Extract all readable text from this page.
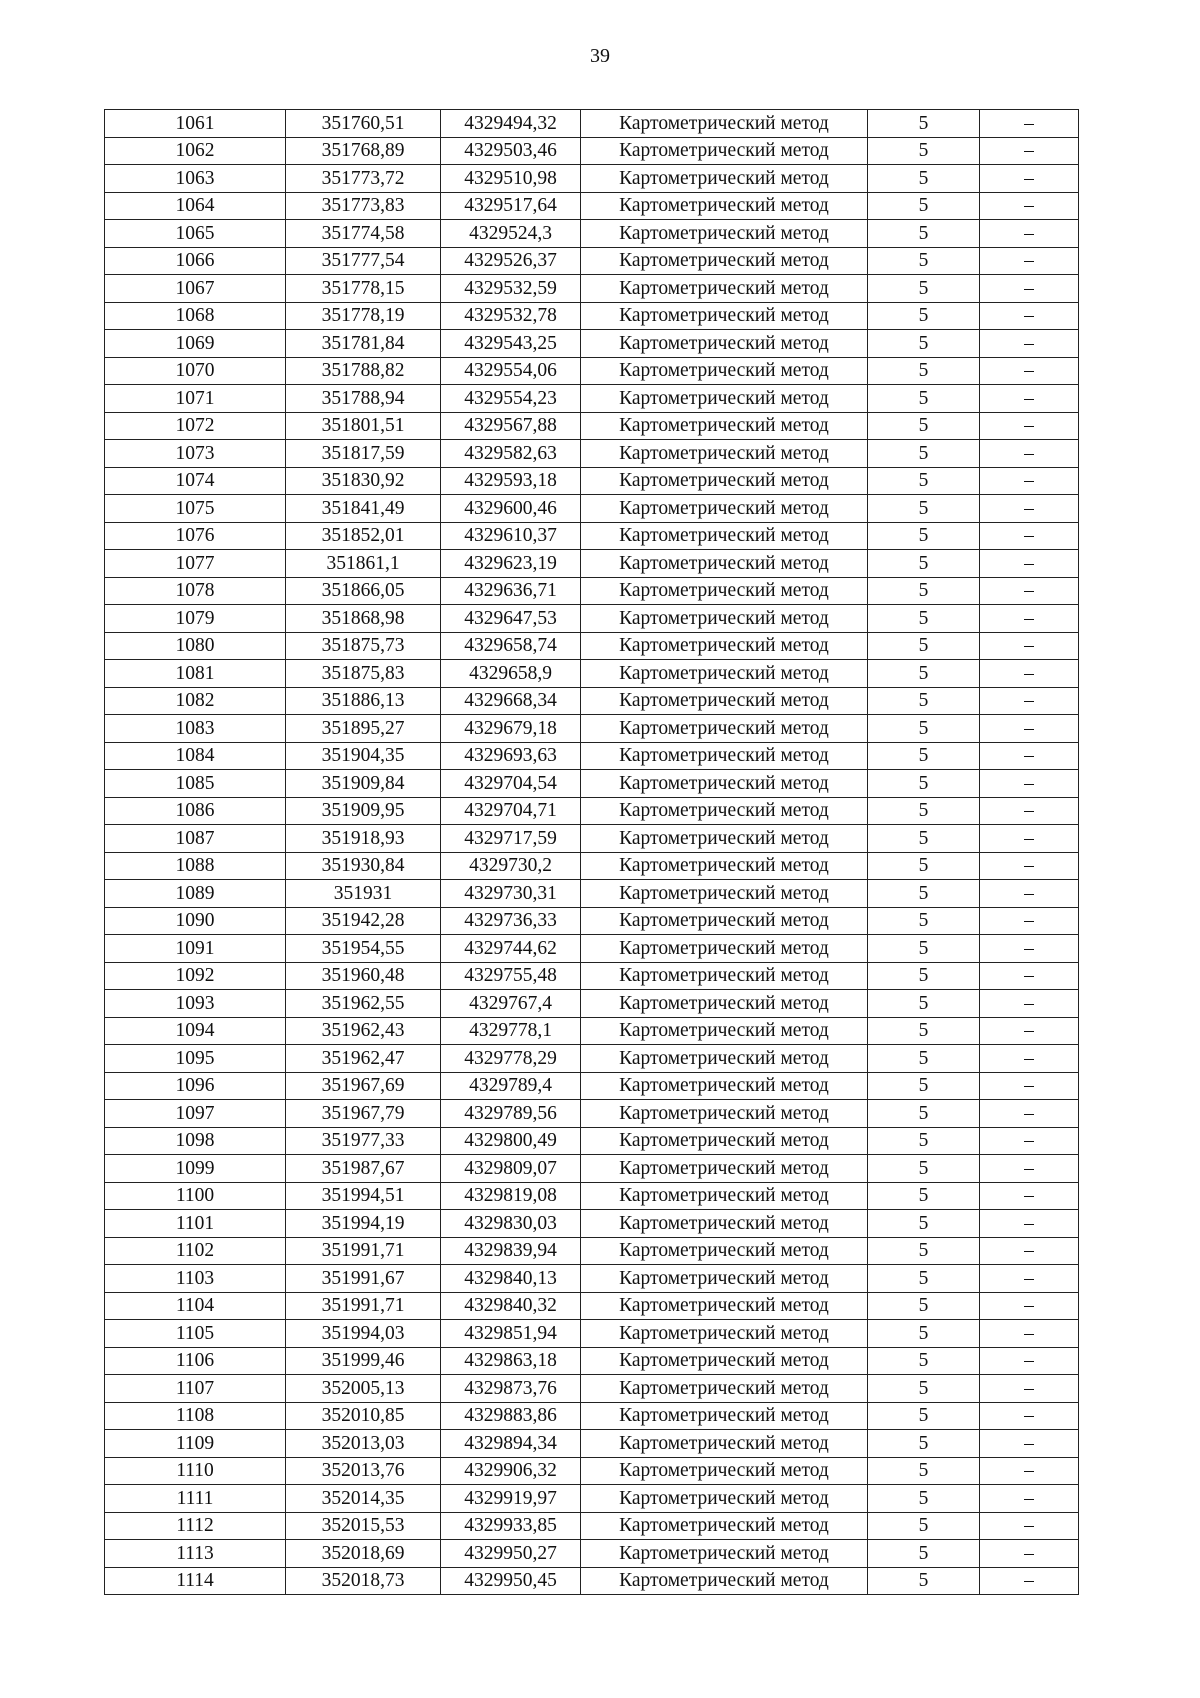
39
1061	351760,51	4329494,32	Картометрический метод	5	–
1062	351768,89	4329503,46	Картометрический метод	5	–
1063	351773,72	4329510,98	Картометрический метод	5	–
1064	351773,83	4329517,64	Картометрический метод	5	–
1065	351774,58	4329524,3	Картометрический метод	5	–
1066	351777,54	4329526,37	Картометрический метод	5	–
1067	351778,15	4329532,59	Картометрический метод	5	–
1068	351778,19	4329532,78	Картометрический метод	5	–
1069	351781,84	4329543,25	Картометрический метод	5	–
1070	351788,82	4329554,06	Картометрический метод	5	–
1071	351788,94	4329554,23	Картометрический метод	5	–
1072	351801,51	4329567,88	Картометрический метод	5	–
1073	351817,59	4329582,63	Картометрический метод	5	–
1074	351830,92	4329593,18	Картометрический метод	5	–
1075	351841,49	4329600,46	Картометрический метод	5	–
1076	351852,01	4329610,37	Картометрический метод	5	–
1077	351861,1	4329623,19	Картометрический метод	5	–
1078	351866,05	4329636,71	Картометрический метод	5	–
1079	351868,98	4329647,53	Картометрический метод	5	–
1080	351875,73	4329658,74	Картометрический метод	5	–
1081	351875,83	4329658,9	Картометрический метод	5	–
1082	351886,13	4329668,34	Картометрический метод	5	–
1083	351895,27	4329679,18	Картометрический метод	5	–
1084	351904,35	4329693,63	Картометрический метод	5	–
1085	351909,84	4329704,54	Картометрический метод	5	–
1086	351909,95	4329704,71	Картометрический метод	5	–
1087	351918,93	4329717,59	Картометрический метод	5	–
1088	351930,84	4329730,2	Картометрический метод	5	–
1089	351931	4329730,31	Картометрический метод	5	–
1090	351942,28	4329736,33	Картометрический метод	5	–
1091	351954,55	4329744,62	Картометрический метод	5	–
1092	351960,48	4329755,48	Картометрический метод	5	–
1093	351962,55	4329767,4	Картометрический метод	5	–
1094	351962,43	4329778,1	Картометрический метод	5	–
1095	351962,47	4329778,29	Картометрический метод	5	–
1096	351967,69	4329789,4	Картометрический метод	5	–
1097	351967,79	4329789,56	Картометрический метод	5	–
1098	351977,33	4329800,49	Картометрический метод	5	–
1099	351987,67	4329809,07	Картометрический метод	5	–
1100	351994,51	4329819,08	Картометрический метод	5	–
1101	351994,19	4329830,03	Картометрический метод	5	–
1102	351991,71	4329839,94	Картометрический метод	5	–
1103	351991,67	4329840,13	Картометрический метод	5	–
1104	351991,71	4329840,32	Картометрический метод	5	–
1105	351994,03	4329851,94	Картометрический метод	5	–
1106	351999,46	4329863,18	Картометрический метод	5	–
1107	352005,13	4329873,76	Картометрический метод	5	–
1108	352010,85	4329883,86	Картометрический метод	5	–
1109	352013,03	4329894,34	Картометрический метод	5	–
1110	352013,76	4329906,32	Картометрический метод	5	–
1111	352014,35	4329919,97	Картометрический метод	5	–
1112	352015,53	4329933,85	Картометрический метод	5	–
1113	352018,69	4329950,27	Картометрический метод	5	–
1114	352018,73	4329950,45	Картометрический метод	5	–
